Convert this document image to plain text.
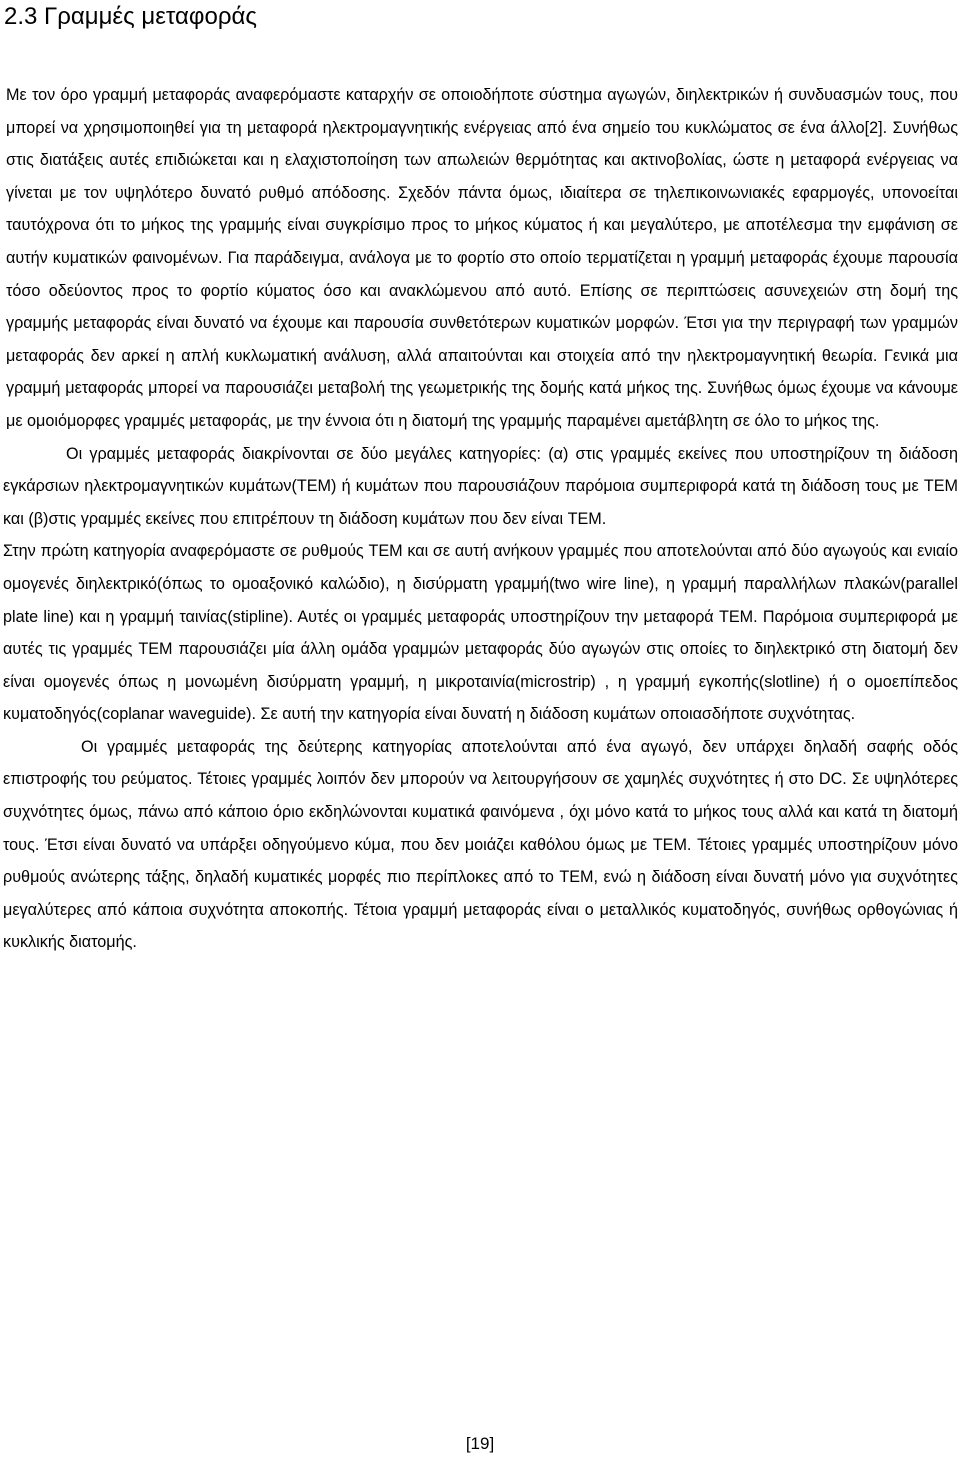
2.3 Γραμμές μεταφοράς

Με τον όρο γραμμή μεταφοράς αναφερόμαστε καταρχήν σε οποιοδήποτε σύστημα αγωγών, διηλεκτρικών ή συνδυασμών τους, που μπορεί να χρησιμοποιηθεί για τη μεταφορά ηλεκτρομαγνητικής ενέργειας από ένα σημείο του κυκλώματος σε ένα άλλο[2]. Συνήθως στις διατάξεις αυτές επιδιώκεται και η ελαχιστοποίηση των απωλειών θερμότητας και ακτινοβολίας, ώστε η μεταφορά ενέργειας να γίνεται με τον υψηλότερο δυνατό ρυθμό απόδοσης. Σχεδόν πάντα όμως, ιδιαίτερα σε τηλεπικοινωνιακές εφαρμογές, υπονοείται ταυτόχρονα ότι το μήκος της γραμμής είναι συγκρίσιμο προς το μήκος κύματος ή και μεγαλύτερο, με αποτέλεσμα την εμφάνιση σε αυτήν κυματικών φαινομένων. Για παράδειγμα, ανάλογα με το φορτίο στο οποίο τερματίζεται η γραμμή μεταφοράς έχουμε παρουσία τόσο οδεύοντος προς το φορτίο κύματος όσο και ανακλώμενου από αυτό. Επίσης σε περιπτώσεις ασυνεχειών στη δομή της γραμμής μεταφοράς είναι δυνατό να έχουμε και παρουσία συνθετότερων κυματικών μορφών. Έτσι για την περιγραφή των γραμμών μεταφοράς δεν αρκεί η απλή κυκλωματική ανάλυση, αλλά απαιτούνται και στοιχεία από την ηλεκτρομαγνητική θεωρία. Γενικά μια γραμμή μεταφοράς μπορεί να παρουσιάζει μεταβολή της γεωμετρικής της δομής κατά μήκος της. Συνήθως όμως έχουμε να κάνουμε με ομοιόμορφες γραμμές μεταφοράς, με την έννοια ότι η διατομή της γραμμής παραμένει αμετάβλητη σε όλο το μήκος της.

Οι γραμμές μεταφοράς διακρίνονται σε δύο μεγάλες κατηγορίες: (α) στις γραμμές εκείνες που υποστηρίζουν τη διάδοση εγκάρσιων ηλεκτρομαγνητικών κυμάτων(TEM) ή κυμάτων που παρουσιάζουν παρόμοια συμπεριφορά κατά τη διάδοση τους με TEM και (β)στις γραμμές εκείνες που επιτρέπουν τη διάδοση κυμάτων που δεν είναι TEM.

Στην πρώτη κατηγορία αναφερόμαστε σε ρυθμούς TEM και σε αυτή ανήκουν γραμμές που αποτελούνται από δύο αγωγούς και ενιαίο ομογενές διηλεκτρικό(όπως το ομοαξονικό καλώδιο), η δισύρματη γραμμή(two wire line), η γραμμή παραλλήλων πλακών(parallel plate line) και η γραμμή ταινίας(stipline). Αυτές οι γραμμές μεταφοράς υποστηρίζουν την μεταφορά TEM. Παρόμοια συμπεριφορά με αυτές τις γραμμές TEM παρουσιάζει μία άλλη ομάδα γραμμών μεταφοράς δύο αγωγών στις οποίες το διηλεκτρικό στη διατομή δεν είναι ομογενές όπως η μονωμένη δισύρματη γραμμή, η μικροταινία(microstrip) , η γραμμή εγκοπής(slotline) ή ο ομοεπίπεδος κυματοδηγός(coplanar waveguide). Σε αυτή την κατηγορία είναι δυνατή η διάδοση κυμάτων οποιασδήποτε συχνότητας.

Οι γραμμές μεταφοράς της δεύτερης κατηγορίας αποτελούνται από ένα αγωγό, δεν υπάρχει δηλαδή σαφής οδός επιστροφής του ρεύματος. Τέτοιες γραμμές λοιπόν δεν μπορούν να λειτουργήσουν σε χαμηλές συχνότητες ή στο DC. Σε υψηλότερες συχνότητες όμως, πάνω από κάποιο όριο εκδηλώνονται κυματικά φαινόμενα , όχι μόνο κατά το μήκος τους αλλά και κατά τη διατομή τους. Έτσι είναι δυνατό να υπάρξει οδηγούμενο κύμα, που δεν μοιάζει καθόλου όμως με TEM. Τέτοιες γραμμές υποστηρίζουν μόνο ρυθμούς ανώτερης τάξης, δηλαδή κυματικές μορφές πιο περίπλοκες από το TEM, ενώ η διάδοση είναι δυνατή μόνο για συχνότητες μεγαλύτερες από κάποια συχνότητα αποκοπής. Τέτοια γραμμή μεταφοράς είναι ο μεταλλικός κυματοδηγός, συνήθως ορθογώνιας ή κυκλικής διατομής.

[19]
